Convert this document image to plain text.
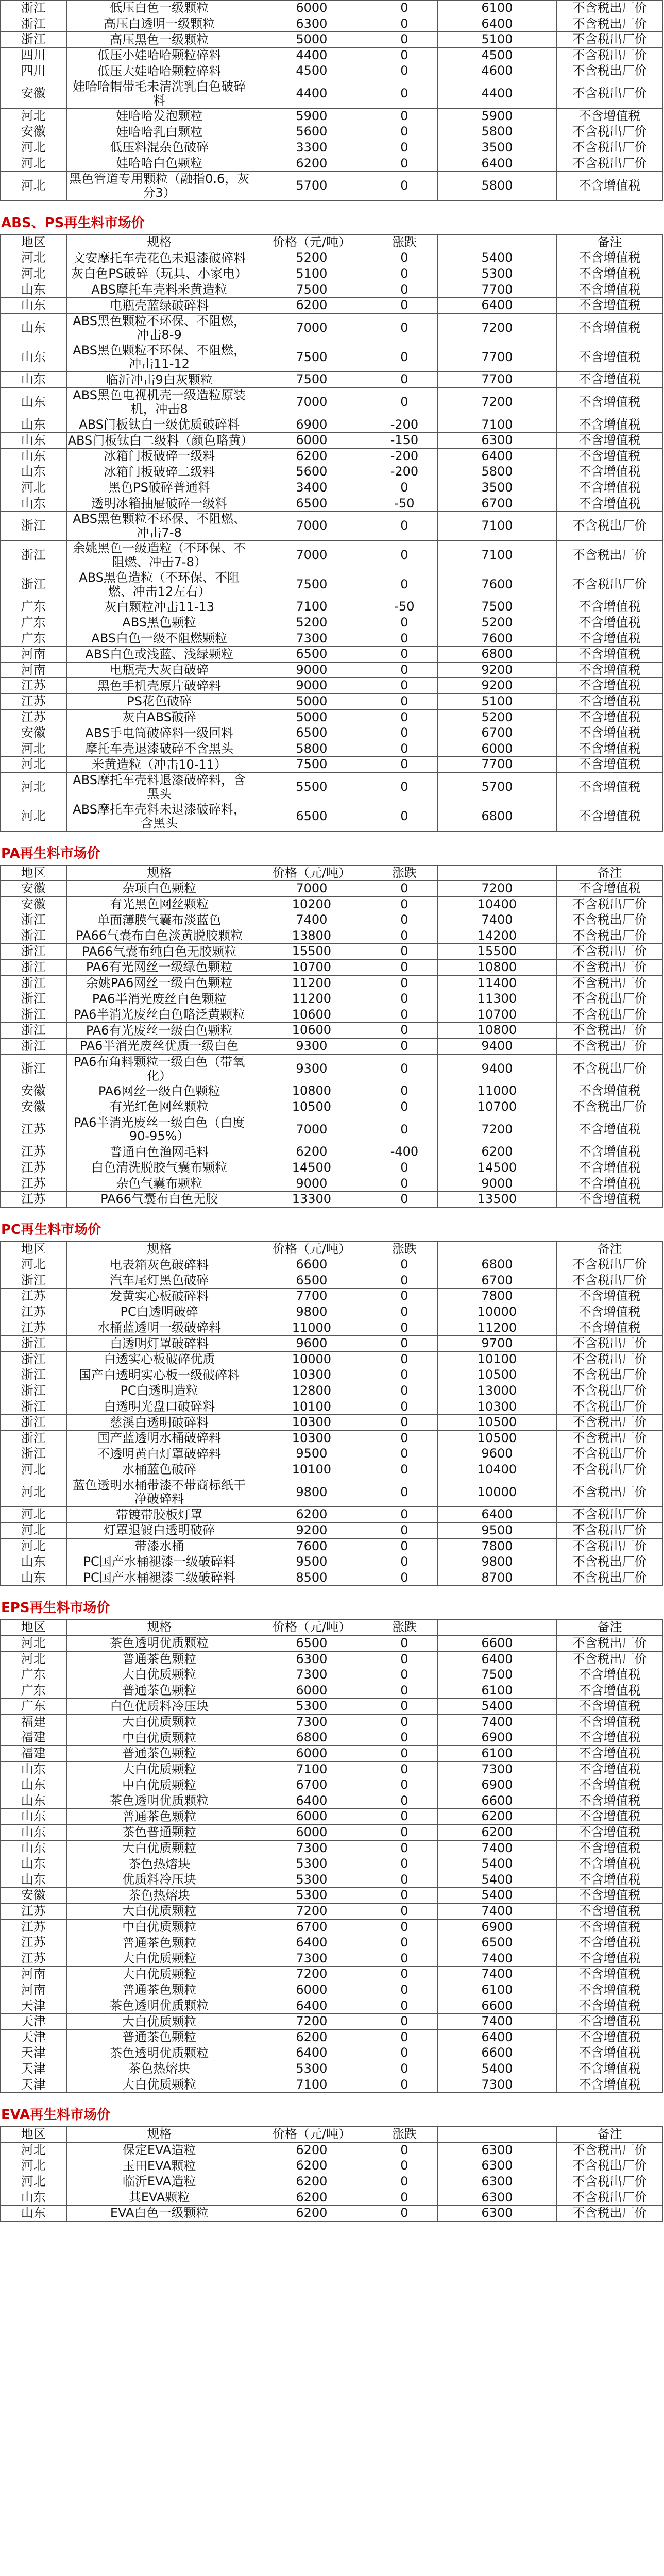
浙江	低压白色一级颗粒	6000	0	6100	不含税出厂价
浙江	高压白透明一级颗粒	6300	0	6400	不含税出厂价
浙江	高压黑色一级颗粒	5000	0	5100	不含税出厂价
四川	低压小娃哈哈颗粒碎料	4400	0	4500	不含税出厂价
四川	低压大娃哈哈颗粒碎料	4500	0	4600	不含税出厂价
安徽	娃哈哈帽带毛未清洗乳白色破碎料	4400	0	4400	不含税出厂价
河北	娃哈哈发泡颗粒	5900	0	5900	不含增值税
安徽	娃哈哈乳白颗粒	5600	0	5800	不含税出厂价
河北	低压料混杂色破碎	3300	0	3500	不含税出厂价
河北	娃哈哈白色颗粒	6200	0	6400	不含税出厂价
河北	黑色管道专用颗粒（融指0.6，灰分3）	5700	0	5800	不含增值税
ABS、PS再生料市场价
地区	规格	价格（元/吨）	涨跌		备注
河北	文安摩托车壳花色未退漆破碎料	5200	0	5400	不含增值税
河北	灰白色PS破碎（玩具、小家电）	5100	0	5300	不含增值税
山东	ABS摩托车壳料米黄造粒	7500	0	7700	不含增值税
山东	电瓶壳蓝绿破碎料	6200	0	6400	不含增值税
山东	ABS黑色颗粒不环保、不阻燃，冲击8-9	7000	0	7200	不含增值税
山东	ABS黑色颗粒不环保、不阻燃，冲击11-12	7500	0	7700	不含增值税
山东	临沂冲击9白灰颗粒	7500	0	7700	不含增值税
山东	ABS黑色电视机壳一级造粒原装机，冲击8	7000	0	7200	不含增值税
山东	ABS门板钛白一级优质破碎料	6900	-200	7100	不含增值税
山东	ABS门板钛白二级料（颜色略黄）	6000	-150	6300	不含增值税
山东	冰箱门板破碎一级料	6200	-200	6400	不含增值税
山东	冰箱门板破碎二级料	5600	-200	5800	不含增值税
河北	黑色PS破碎普通料	3400	0	3500	不含增值税
山东	透明冰箱抽屉破碎一级料	6500	-50	6700	不含增值税
浙江	ABS黑色颗粒不环保、不阻燃、冲击7-8	7000	0	7100	不含税出厂价
浙江	余姚黑色一级造粒（不环保、不阻燃、冲击7-8）	7000	0	7100	不含税出厂价
浙江	ABS黑色造粒（不环保、不阻燃、冲击12左右）	7500	0	7600	不含税出厂价
广东	灰白颗粒冲击11-13	7100	-50	7500	不含增值税
广东	ABS黑色颗粒	5200	0	5200	不含增值税
广东	ABS白色一级不阻燃颗粒	7300	0	7600	不含增值税
河南	ABS白色或浅蓝、浅绿颗粒	6500	0	6800	不含增值税
河南	电瓶壳大灰白破碎	9000	0	9200	不含增值税
江苏	黑色手机壳原片破碎料	9000	0	9200	不含增值税
江苏	PS花色破碎	5000	0	5100	不含增值税
江苏	灰白ABS破碎	5000	0	5200	不含增值税
安徽	ABS手电筒破碎料一级回料	6500	0	6700	不含增值税
河北	摩托车壳退漆破碎不含黑头	5800	0	6000	不含增值税
河北	米黄造粒（冲击10-11）	7500	0	7700	不含增值税
河北	ABS摩托车壳料退漆破碎料，含黑头	5500	0	5700	不含增值税
河北	ABS摩托车壳料未退漆破碎料，含黑头	6500	0	6800	不含增值税
PA再生料市场价
地区	规格	价格（元/吨）	涨跌		备注
安徽	杂项白色颗粒	7000	0	7200	不含增值税
安徽	有光黑色网丝颗粒	10200	0	10400	不含税出厂价
浙江	单面薄膜气囊布淡蓝色	7400	0	7400	不含税出厂价
浙江	PA66气囊布白色淡黄脱胶颗粒	13800	0	14200	不含税出厂价
浙江	PA66气囊布纯白色无胶颗粒	15500	0	15500	不含税出厂价
浙江	PA6有光网丝一级绿色颗粒	10700	0	10800	不含税出厂价
浙江	余姚PA6网丝一级白色颗粒	11200	0	11400	不含税出厂价
浙江	PA6半消光废丝白色颗粒	11200	0	11300	不含税出厂价
浙江	PA6半消光废丝白色略泛黄颗粒	10600	0	10700	不含税出厂价
浙江	PA6有光废丝一级白色颗粒	10600	0	10800	不含税出厂价
浙江	PA6半消光废丝优质一级白色	9300	0	9400	不含税出厂价
浙江	PA6布角料颗粒一级白色（带氧化）	9300	0	9400	不含税出厂价
安徽	PA6网丝一级白色颗粒	10800	0	11000	不含增值税
安徽	有光红色网丝颗粒	10500	0	10700	不含税出厂价
江苏	PA6半消光废丝一级白色（白度90-95%）	7000	0	7200	不含增值税
江苏	普通白色渔网毛料	6200	-400	6200	不含增值税
江苏	白色清洗脱胶气囊布颗粒	14500	0	14500	不含增值税
江苏	杂色气囊布颗粒	9000	0	9000	不含增值税
江苏	PA66气囊布白色无胶	13300	0	13500	不含增值税
PC再生料市场价
地区	规格	价格（元/吨）	涨跌		备注
河北	电表箱灰色破碎料	6600	0	6800	不含税出厂价
浙江	汽车尾灯黑色破碎	6500	0	6700	不含税出厂价
江苏	发黄实心板破碎料	7700	0	7800	不含增值税
江苏	PC白透明破碎	9800	0	10000	不含增值税
江苏	水桶蓝透明一级破碎料	11000	0	11200	不含增值税
浙江	白透明灯罩破碎料	9600	0	9700	不含税出厂价
浙江	白透实心板破碎优质	10000	0	10100	不含税出厂价
浙江	国产白透明实心板一级破碎料	10300	0	10500	不含税出厂价
浙江	PC白透明造粒	12800	0	13000	不含税出厂价
浙江	白透明光盘口破碎料	10100	0	10300	不含税出厂价
浙江	慈溪白透明破碎料	10300	0	10500	不含税出厂价
浙江	国产蓝透明水桶破碎料	10300	0	10500	不含税出厂价
浙江	不透明黄白灯罩破碎料	9500	0	9600	不含税出厂价
河北	水桶蓝色破碎	10100	0	10400	不含税出厂价
河北	蓝色透明水桶带漆不带商标纸干净破碎料	9800	0	10000	不含税出厂价
河北	带镀带胶板灯罩	6200	0	6400	不含税出厂价
河北	灯罩退镀白透明破碎	9200	0	9500	不含税出厂价
河北	带漆水桶	7600	0	7800	不含税出厂价
山东	PC国产水桶褪漆一级破碎料	9500	0	9800	不含税出厂价
山东	PC国产水桶褪漆二级破碎料	8500	0	8700	不含税出厂价
EPS再生料市场价
地区	规格	价格（元/吨）	涨跌		备注
河北	茶色透明优质颗粒	6500	0	6600	不含税出厂价
河北	普通茶色颗粒	6300	0	6400	不含税出厂价
广东	大白优质颗粒	7300	0	7500	不含增值税
广东	普通茶色颗粒	6000	0	6100	不含增值税
广东	白色优质料冷压块	5300	0	5400	不含增值税
福建	大白优质颗粒	7300	0	7400	不含增值税
福建	中白优质颗粒	6800	0	6900	不含增值税
福建	普通茶色颗粒	6000	0	6100	不含增值税
山东	大白优质颗粒	7100	0	7300	不含增值税
山东	中白优质颗粒	6700	0	6900	不含增值税
山东	茶色透明优质颗粒	6400	0	6600	不含增值税
山东	普通茶色颗粒	6000	0	6200	不含增值税
山东	茶色普通颗粒	6000	0	6200	不含增值税
山东	大白优质颗粒	7300	0	7400	不含增值税
山东	茶色热熔块	5300	0	5400	不含增值税
山东	优质料冷压块	5300	0	5400	不含增值税
安徽	茶色热熔块	5300	0	5400	不含增值税
江苏	大白优质颗粒	7200	0	7400	不含增值税
江苏	中白优质颗粒	6700	0	6900	不含增值税
江苏	普通茶色颗粒	6400	0	6500	不含增值税
江苏	大白优质颗粒	7300	0	7400	不含增值税
河南	大白优质颗粒	7200	0	7400	不含增值税
河南	普通茶色颗粒	6000	0	6100	不含增值税
天津	茶色透明优质颗粒	6400	0	6600	不含增值税
天津	大白优质颗粒	7200	0	7400	不含增值税
天津	普通茶色颗粒	6200	0	6400	不含增值税
天津	茶色透明优质颗粒	6400	0	6600	不含增值税
天津	茶色热熔块	5300	0	5400	不含增值税
天津	大白优质颗粒	7100	0	7300	不含增值税
EVA再生料市场价
地区	规格	价格（元/吨）	涨跌		备注
河北	保定EVA造粒	6200	0	6300	不含税出厂价
河北	玉田EVA颗粒	6200	0	6300	不含税出厂价
河北	临沂EVA造粒	6200	0	6300	不含税出厂价
山东	其EVA颗粒	6200	0	6300	不含税出厂价
山东	EVA白色一级颗粒	6200	0	6300	不含税出厂价
